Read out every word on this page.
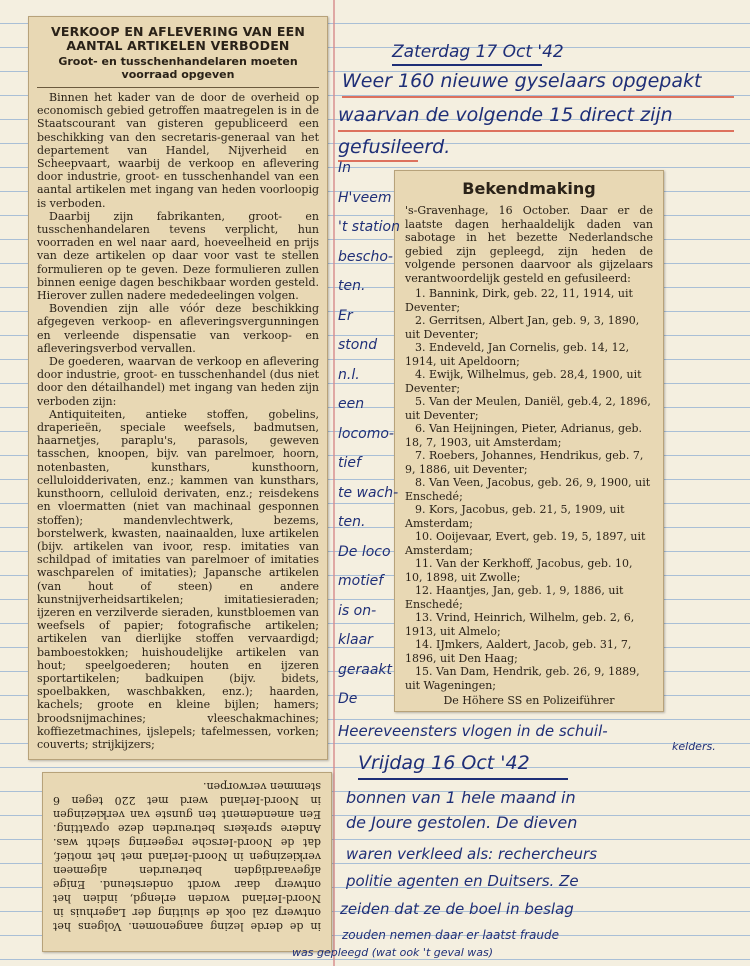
VERKOOP EN AFLEVERING VAN EEN AANTAL ARTIKELEN VERBODEN
Groot- en tusschenhandelaren moeten voorraad opgeven

Binnen het kader van de door de overheid op economisch gebied getroffen maatregelen is in de Staatscourant van gisteren gepubliceerd een beschikking van den secretaris-generaal van het departement van Handel, Nijverheid en Scheepvaart, waarbij de verkoop en aflevering door industrie, groot- en tusschenhandel van een aantal artikelen met ingang van heden voorloopig is verboden.

Daarbij zijn fabrikanten, groot- en tusschenhandelaren tevens verplicht, hun voorraden en wel naar aard, hoeveelheid en prijs van deze artikelen op daar voor vast te stellen formulieren op te geven. Deze formulieren zullen binnen eenige dagen beschikbaar worden gesteld. Hierover zullen nadere mededeelingen volgen.

Bovendien zijn alle vóór deze beschikking afgegeven verkoop- en afleveringsvergunningen en verleende dispensatie van verkoop- en afleveringsverbod vervallen.

De goederen, waarvan de verkoop en aflevering door industrie, groot- en tusschenhandel (dus niet door den détailhandel) met ingang van heden zijn verboden zijn:

Antiquiteiten, antieke stoffen, gobelins, draperieën, speciale weefsels, badmutsen, haarnetjes, paraplu's, parasols, geweven tasschen, knoopen, bijv. van parelmoer, hoorn, notenbasten, kunsthars, kunsthoorn, celluloidderivaten, enz.; kammen van kunsthars, kunsthoorn, celluloid derivaten, enz.; reisdekens en vloermatten (niet van machinaal gesponnen stoffen); mandenvlechtwerk, bezems, borstelwerk, kwasten, naainaalden, luxe artikelen (bijv. artikelen van ivoor, resp. imitaties van schildpad of imitaties van parelmoer of imitaties waschparelen of imitaties); Japansche artikelen (van hout of steen) en andere kunstnijverheidsartikelen; imitatiesieraden; ijzeren en verzilverde sieraden, kunstbloemen van weefsels of papier; fotografische artikelen; artikelen van dierlijke stoffen vervaardigd; bamboestokken; huishoudelijke artikelen van hout; speelgoederen; houten en ijzeren sportartikelen; badkuipen (bijv. bidets, spoelbakken, waschbakken, enz.); haarden, kachels; groote en kleine bijlen; hamers; broodsnijmachines; vleeschakmachines; koffiezetmachines, ijslepels; tafelmessen, vorken; couverts; strijkijzers;

in de derde lezing aangenomen. Volgens het ontwerp zal ook de sluiting der Lagerhuis in Noord-Ierland worden erlengd, indien het ontwerp daar wordt ondersteund. Enige afgevaardigden betreurden algemeen verkiezingen in Noord-Ierland met het motief, dat de Noord-Iersche regeering slecht was. Andere sprekers betreurden deze opvatting. Een amendement ten gunste van verkiezingen in Noord-Ierland werd met 220 tegen 6 stemmen verworpen.
Bekendmaking

's-Gravenhage, 16 October. Daar er de laatste dagen herhaaldelijk daden van sabotage in het bezette Nederlandsche gebied zijn gepleegd, zijn heden de volgende personen daarvoor als gijzelaars verantwoordelijk gesteld en gefusileerd:

1. Bannink, Dirk, geb. 22, 11, 1914, uit Deventer;
2. Gerritsen, Albert Jan, geb. 9, 3, 1890, uit Deventer;
3. Endeveld, Jan Cornelis, geb. 14, 12, 1914, uit Apeldoorn;
4. Ewijk, Wilhelmus, geb. 28,4, 1900, uit Deventer;
5. Van der Meulen, Daniël, geb.4, 2, 1896, uit Deventer;
6. Van Heijningen, Pieter, Adrianus, geb. 18, 7, 1903, uit Amsterdam;
7. Roebers, Johannes, Hendrikus, geb. 7, 9, 1886, uit Deventer;
8. Van Veen, Jacobus, geb. 26, 9, 1900, uit Enschedé;
9. Kors, Jacobus, geb. 21, 5, 1909, uit Amsterdam;
10. Ooijevaar, Evert, geb. 19, 5, 1897, uit Amsterdam;
11. Van der Kerkhoff, Jacobus, geb. 10, 10, 1898, uit Zwolle;
12. Haantjes, Jan, geb. 1, 9, 1886, uit Enschedé;
13. Vrind, Heinrich, Wilhelm, geb. 2, 6, 1913, uit Almelo;
14. IJmkers, Aaldert, Jacob, geb. 31, 7, 1896, uit Den Haag;
15. Van Dam, Hendrik, geb. 26, 9, 1889, uit Wageningen;
De Höhere SS en Polizeiführer
Zaterdag 17 Oct '42
Weer 160 nieuwe gyselaars opgepakt
waarvan de volgende 15 direct zijn
gefusileerd.
In
H'veem
't station
bescho-
ten.
Er
stond
n.l.
een
locomo-
tief
te wach-
ten.
De loco
motief
is on-
klaar
geraakt
De
Heereveensters vlogen in de schuil-
kelders.
Vrijdag 16 Oct '42
bonnen van 1 hele maand in
de Joure gestolen. De dieven
waren verkleed als: rechercheurs
politie agenten en Duitsers. Ze
zeiden dat ze de boel in beslag
zouden nemen daar er laatst fraude
was gepleegd (wat ook 't geval was)
